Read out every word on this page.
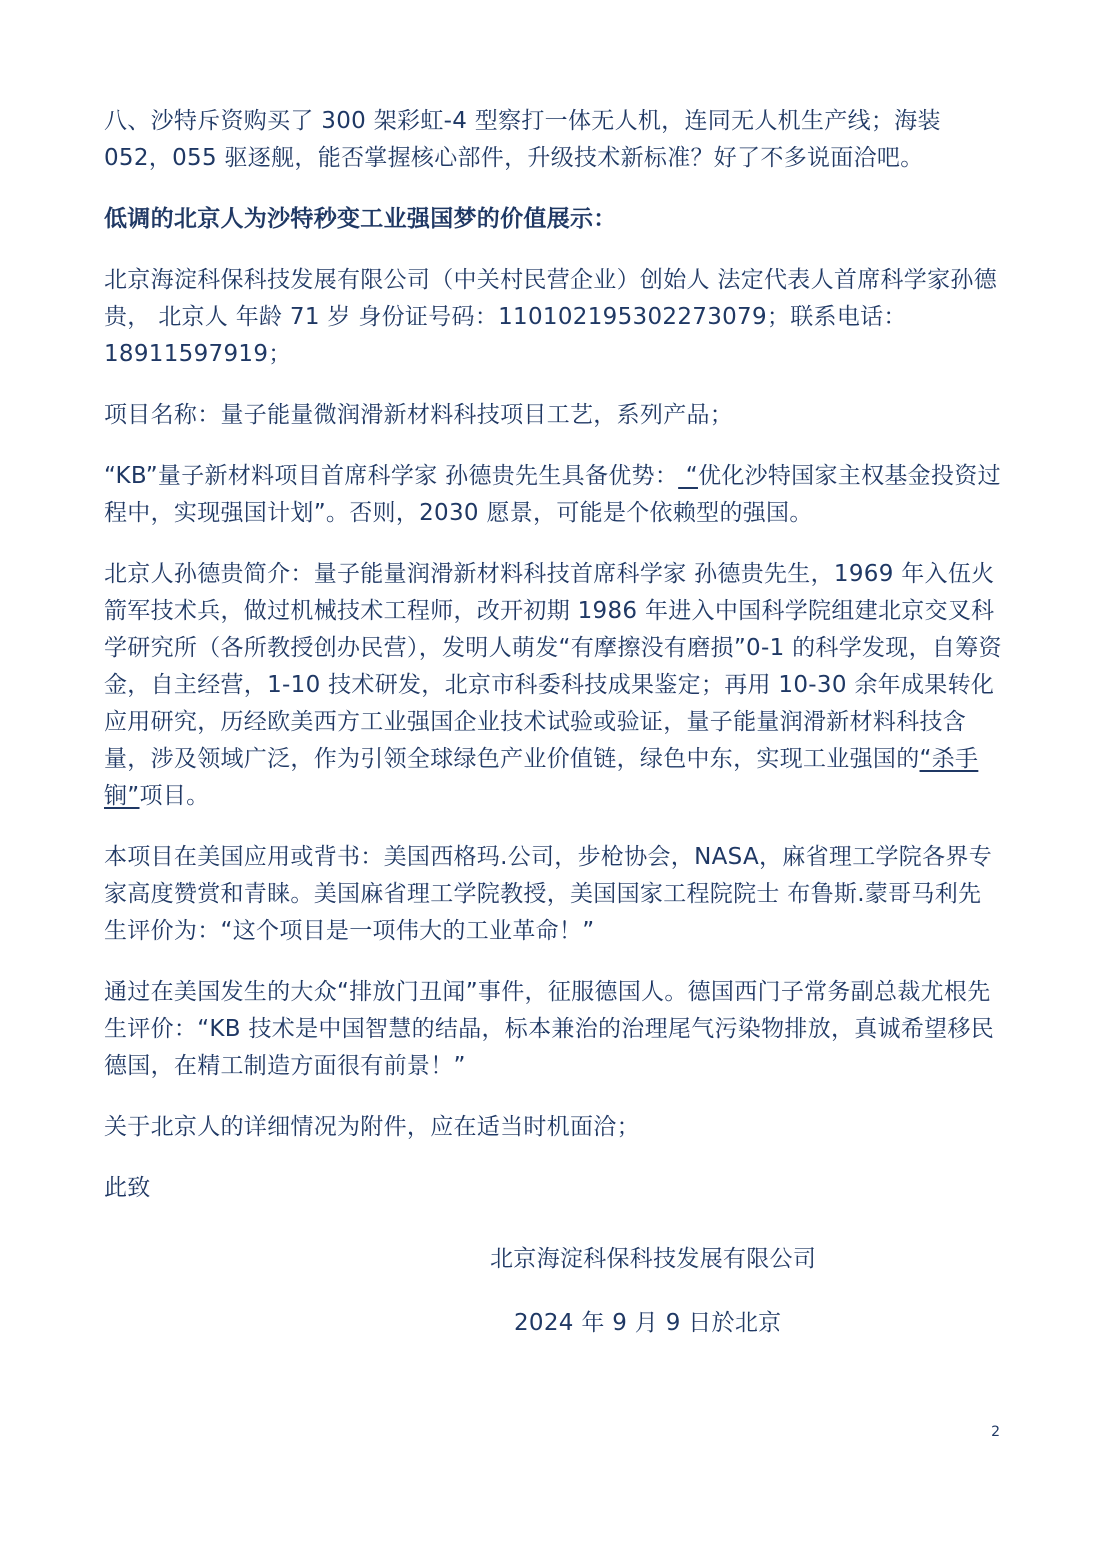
八、沙特斥资购买了 300 架彩虹-4 型察打一体无人机，连同无人机生产线；海装 052，055 驱逐舰，能否掌握核心部件，升级技术新标准？好了不多说面洽吧。

低调的北京人为沙特秒变工业强国梦的价值展示：

北京海淀科保科技发展有限公司（中关村民营企业）创始人 法定代表人首席科学家孙德贵， 北京人 年龄 71 岁 身份证号码：110102195302273079；联系电话：18911597919；

项目名称：量子能量微润滑新材料科技项目工艺，系列产品；

“KB”量子新材料项目首席科学家 孙德贵先生具备优势： “优化沙特国家主权基金投资过程中，实现强国计划”。否则，2030 愿景，可能是个依赖型的强国。

北京人孙德贵简介：量子能量润滑新材料科技首席科学家 孙德贵先生，1969 年入伍火箭军技术兵，做过机械技术工程师，改开初期 1986 年进入中国科学院组建北京交叉科学研究所（各所教授创办民营），发明人萌发“有摩擦没有磨损”0-1 的科学发现，自筹资金，自主经营，1-10 技术研发，北京市科委科技成果鉴定；再用 10-30 余年成果转化应用研究，历经欧美西方工业强国企业技术试验或验证，量子能量润滑新材料科技含量，涉及领域广泛，作为引领全球绿色产业价值链，绿色中东，实现工业强国的“杀手锏”项目。

本项目在美国应用或背书：美国西格玛.公司，步枪协会，NASA，麻省理工学院各界专家高度赞赏和青睐。美国麻省理工学院教授，美国国家工程院院士 布鲁斯.蒙哥马利先生评价为：“这个项目是一项伟大的工业革命！”

通过在美国发生的大众“排放门丑闻”事件，征服德国人。德国西门子常务副总裁尤根先生评价：“KB 技术是中国智慧的结晶，标本兼治的治理尾气污染物排放，真诚希望移民德国，在精工制造方面很有前景！”

关于北京人的详细情况为附件，应在适当时机面洽；

此致

北京海淀科保科技发展有限公司
2024 年 9 月 9 日於北京
2
